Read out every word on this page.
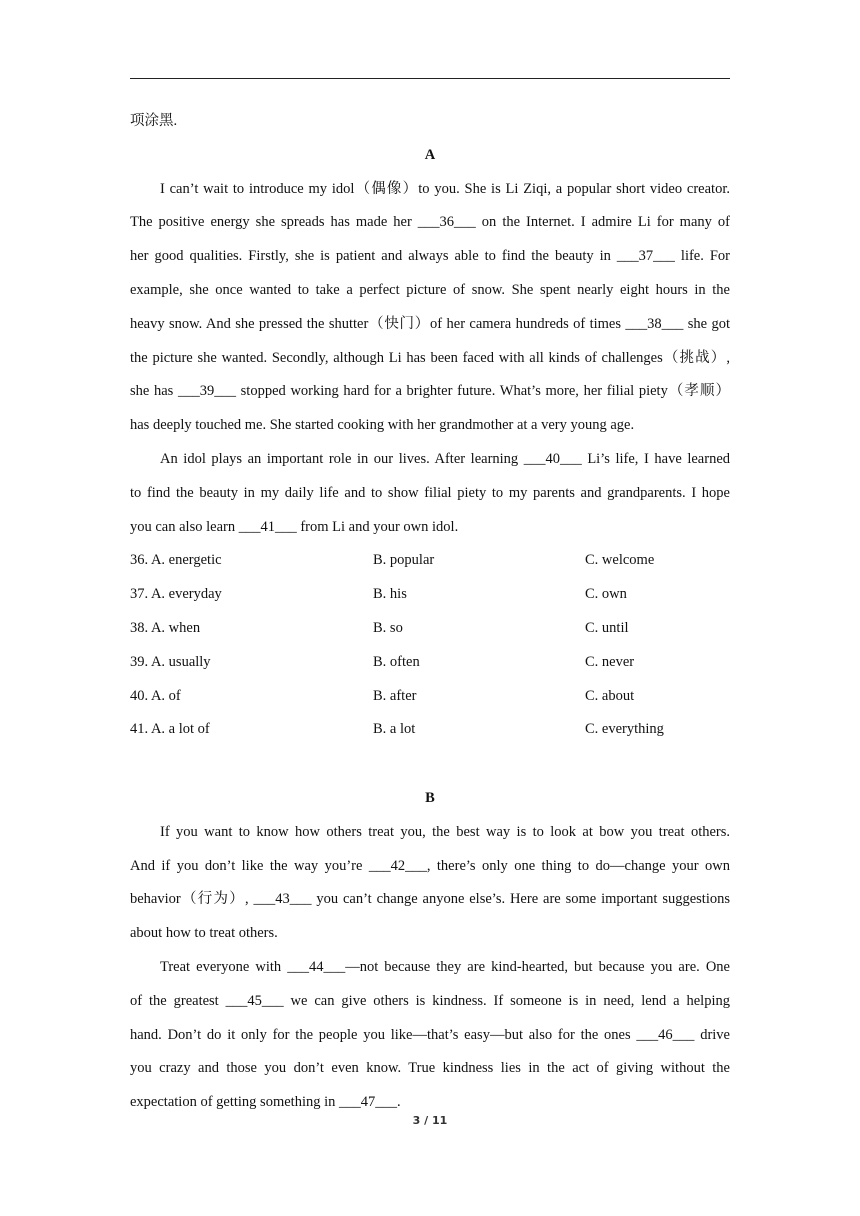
项涂黑.
A
I can’t wait to introduce my idol（偶像）to you. She is Li Ziqi, a popular short video creator.
The positive energy she spreads has made her ___36___ on the Internet. I admire Li for many of
her good qualities. Firstly, she is patient and always able to find the beauty in ___37___ life. For
example, she once wanted to take a perfect picture of snow. She spent nearly eight hours in the
heavy snow. And she pressed the shutter（快门）of her camera hundreds of times ___38___ she got
the picture she wanted. Secondly, although Li has been faced with all kinds of challenges（挑战）,
she has ___39___ stopped working hard for a brighter future. What’s more, her filial piety（孝顺）
has deeply touched me. She started cooking with her grandmother at a very young age.
An idol plays an important role in our lives. After learning ___40___ Li’s life, I have learned
to find the beauty in my daily life and to show filial piety to my parents and grandparents. I hope
you can also learn ___41___ from Li and your own idol.
36. A. energetic	B. popular	C. welcome
37. A. everyday	B. his	C. own
38. A. when	B. so	C. until
39. A. usually	B. often	C. never
40. A. of	B. after	C. about
41. A. a lot of	B. a lot	C. everything
B
If you want to know how others treat you, the best way is to look at bow you treat others.
And if you don’t like the way you’re ___42___, there’s only one thing to do—change your own
behavior（行为）, ___43___ you can’t change anyone else’s. Here are some important suggestions
about how to treat others.
Treat everyone with ___44___—not because they are kind-hearted, but because you are. One
of the greatest ___45___ we can give others is kindness. If someone is in need, lend a helping
hand. Don’t do it only for the people you like—that’s easy—but also for the ones ___46___ drive
you crazy and those you don’t even know. True kindness lies in the act of giving without the
expectation of getting something in ___47___.
3 / 11
